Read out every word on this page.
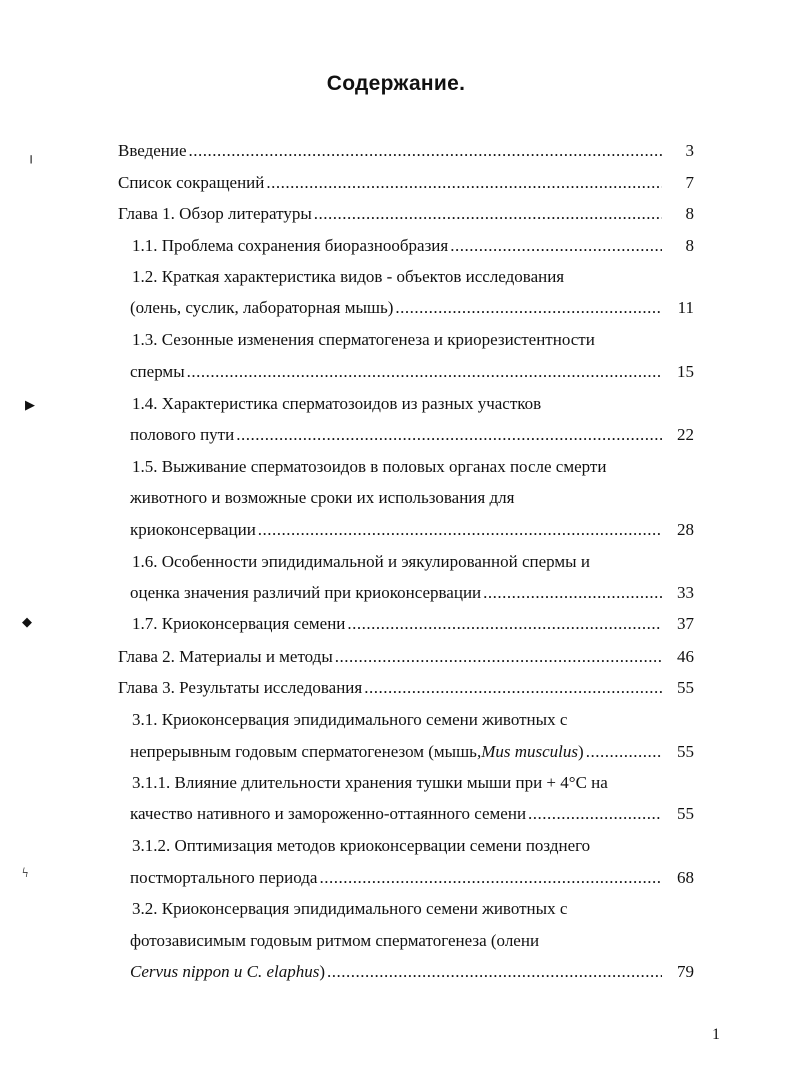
Содержание.
Введение .....	3
Список сокращений .....	7
Глава 1. Обзор литературы .....	8
1.1. Проблема сохранения биоразнообразия .....	8
1.2. Краткая характеристика видов - объектов исследования
(олень, суслик, лабораторная мышь) .....	11
1.3. Сезонные изменения сперматогенеза и криорезистентности
спермы .....	15
1.4. Характеристика сперматозоидов из разных участков
полового пути .....	22
1.5. Выживание сперматозоидов в половых органах после смерти
животного и возможные сроки их использования для
криоконсервации .....	28
1.6. Особенности эпидидимальной и эякулированной спермы и
оценка значения различий при криоконсервации .....	33
1.7. Криоконсервация семени .....	37
Глава 2. Материалы и методы .....	46
Глава 3. Результаты исследования .....	55
3.1. Криоконсервация эпидидимального семени животных с
непрерывным годовым сперматогенезом (мышь, Mus musculus ) .....	55
3.1.1. Влияние длительности хранения тушки мыши при + 4°С на
качество нативного и замороженно-оттаянного семени .....	55
3.1.2. Оптимизация методов криоконсервации семени позднего
постмортального периода .....	68
3.2. Криоконсервация эпидидимального семени животных с
фотозависимым годовым ритмом сперматогенеза (олени
Cervus nippon и C. elaphus ) .....	79
╷
▶
◆
ϟ
1
